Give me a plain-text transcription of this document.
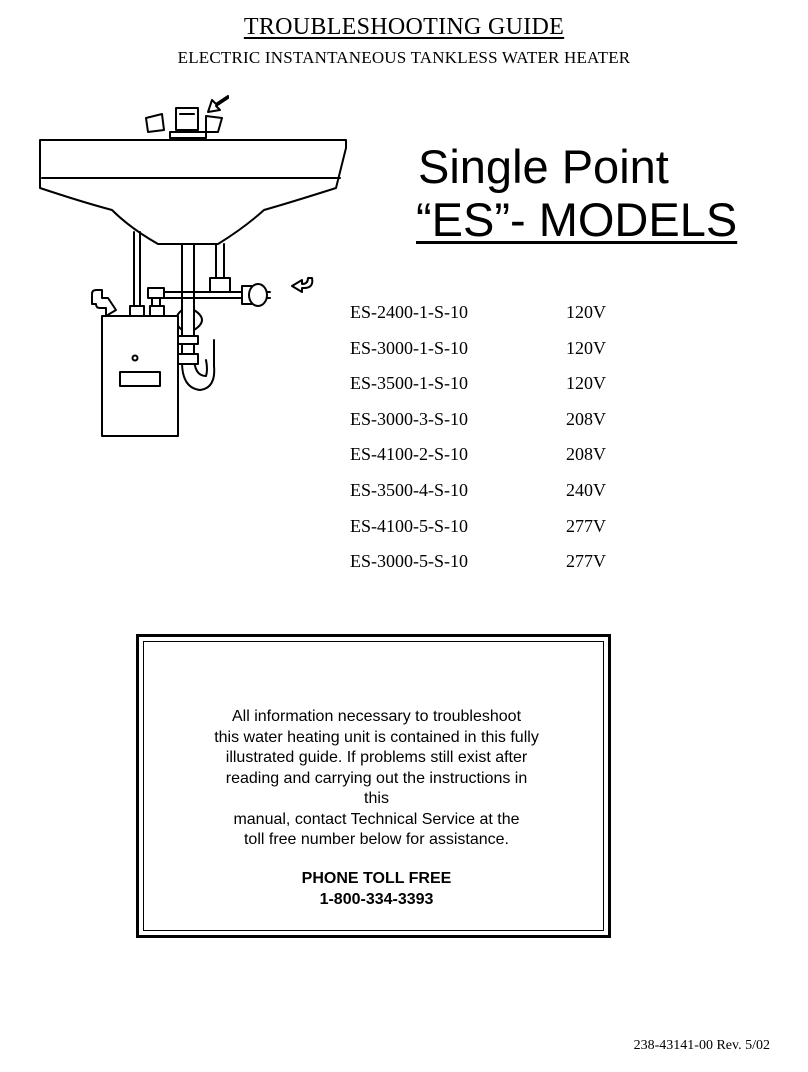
TROUBLESHOOTING GUIDE
ELECTRIC INSTANTANEOUS TANKLESS WATER HEATER
Single Point
“ES”- MODELS
ES-2400-1-S-10	120V
ES-3000-1-S-10	120V
ES-3500-1-S-10	120V
ES-3000-3-S-10	208V
ES-4100-2-S-10	208V
ES-3500-4-S-10	240V
ES-4100-5-S-10	277V
ES-3000-5-S-10	277V
All information necessary to troubleshoot
this water heating unit is contained in this fully
illustrated guide. If problems still exist after
reading and carrying out the instructions in
this
manual, contact Technical Service at the
toll free number below for assistance.
PHONE TOLL FREE
1-800-334-3393
238-43141-00 Rev. 5/02
